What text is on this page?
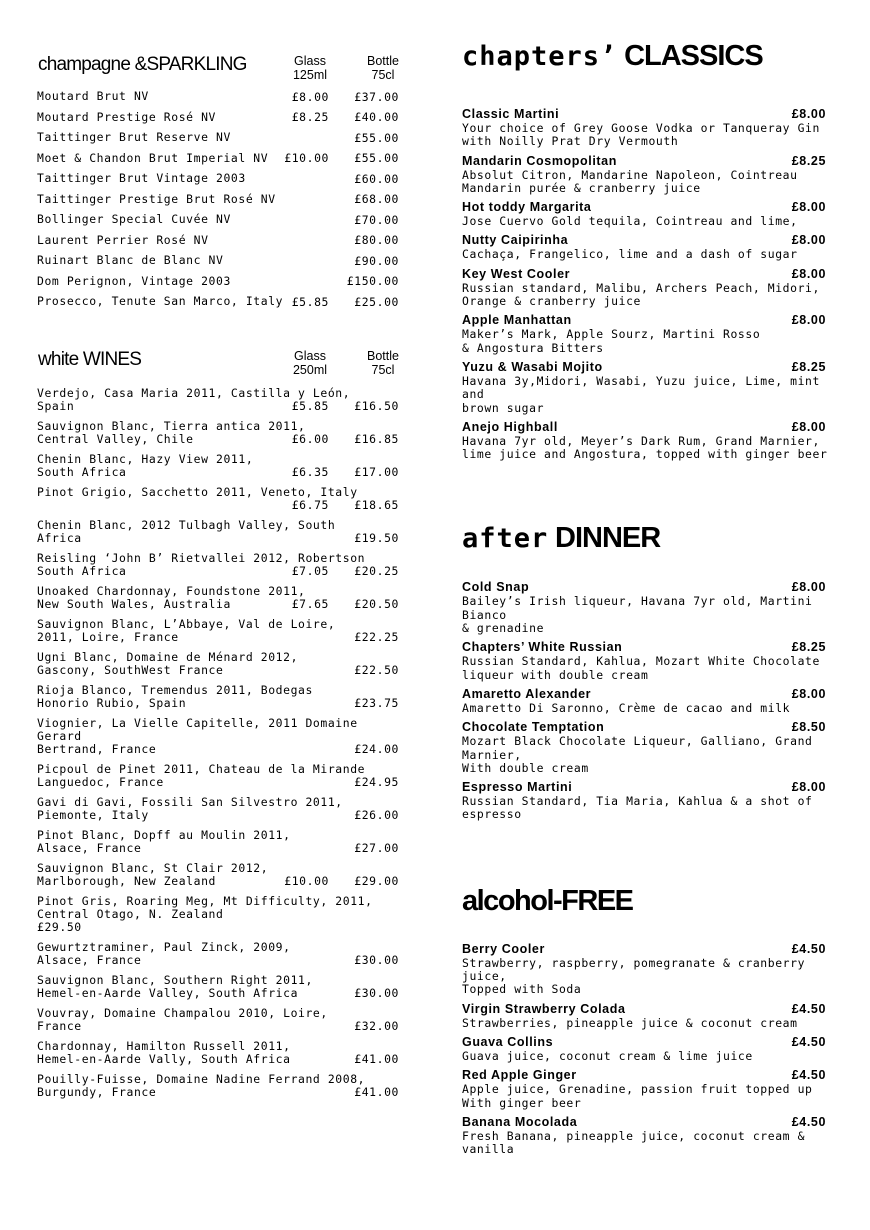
champagne &SPARKLING	Glass
125ml
Bottle
75cl
Moutard Brut NV	£8.00 £37.00
Moutard Prestige Rosé NV	£8.25 £40.00
Taittinger Brut Reserve NV	£55.00
Moet & Chandon Brut Imperial NV	£10.00 £55.00
Taittinger Brut Vintage 2003	£60.00
Taittinger Prestige Brut Rosé NV	£68.00
Bollinger Special Cuvée NV	£70.00
Laurent Perrier Rosé NV	£80.00
Ruinart Blanc de Blanc NV	£90.00
Dom Perignon, Vintage 2003	£150.00
Prosecco, Tenute San Marco, Italy £5.85 £25.00
white WINES	Glass
250ml
Bottle
75cl
Verdejo, Casa Maria 2011, Castilla y León,
Spain	£5.85 £16.50
Sauvignon Blanc, Tierra antica 2011,
Central Valley, Chile	£6.00 £16.85
Chenin Blanc, Hazy View 2011,
South Africa	£6.35 £17.00
Pinot Grigio, Sacchetto 2011, Veneto, Italy

£6.75 £18.65
Chenin Blanc, 2012 Tulbagh Valley, South
Africa	£19.50
Reisling ‘John B’ Rietvallei 2012, Robertson
South Africa	£7.05 £20.25
Unoaked Chardonnay, Foundstone 2011,
New South Wales, Australia	£7.65 £20.50
Sauvignon Blanc, L’Abbaye, Val de Loire,
2011, Loire, France	£22.25
Ugni Blanc, Domaine de Ménard 2012,
Gascony, SouthWest France	£22.50
Rioja Blanco, Tremendus 2011, Bodegas
Honorio Rubio, Spain	£23.75
Viognier, La Vielle Capitelle, 2011 Domaine
Gerard
Bertrand, France	£24.00
Picpoul de Pinet 2011, Chateau de la Mirande
Languedoc, France	£24.95
Gavi di Gavi, Fossili San Silvestro 2011,
Piemonte, Italy	£26.00
Pinot Blanc, Dopff au Moulin 2011,
Alsace, France	£27.00
Sauvignon Blanc, St Clair 2012,
Marlborough, New Zealand	£10.00 £29.00
Pinot Gris, Roaring Meg, Mt Difficulty, 2011,
Central Otago, N. Zealand
£29.50
Gewurtztraminer, Paul Zinck, 2009,
Alsace, France	£30.00
Sauvignon Blanc, Southern Right 2011,
Hemel-en-Aarde Valley, South Africa	£30.00
Vouvray, Domaine Champalou 2010, Loire,
France	£32.00
Chardonnay, Hamilton Russell 2011,
Hemel-en-Aarde Vally, South Africa	£41.00
Pouilly-Fuisse, Domaine Nadine Ferrand 2008,
Burgundy, France	£41.00
chapters’ CLASSICS
Classic Martini	£8.00
Your choice of Grey Goose Vodka or Tanqueray Gin
with Noilly Prat Dry Vermouth
Mandarin Cosmopolitan	£8.25
Absolut Citron, Mandarine Napoleon, Cointreau
Mandarin purée & cranberry juice
Hot toddy Margarita	£8.00
Jose Cuervo Gold tequila, Cointreau and lime,
Nutty Caipirinha	£8.00
Cachaça, Frangelico, lime and a dash of sugar
Key West Cooler	£8.00
Russian standard, Malibu, Archers Peach, Midori,
Orange & cranberry juice
Apple Manhattan	£8.00
Maker’s Mark, Apple Sourz, Martini Rosso
& Angostura Bitters
Yuzu & Wasabi Mojito	£8.25
Havana 3y,Midori, Wasabi, Yuzu juice, Lime, mint and
brown sugar
Anejo Highball	£8.00
Havana 7yr old, Meyer’s Dark Rum, Grand Marnier,
lime juice and Angostura, topped with ginger beer
after DINNER
Cold Snap	£8.00
Bailey’s Irish liqueur, Havana 7yr old, Martini
Bianco
& grenadine
Chapters’ White Russian	£8.25
Russian Standard, Kahlua, Mozart White Chocolate
liqueur with double cream
Amaretto Alexander	£8.00
Amaretto Di Saronno, Crème de cacao and milk
Chocolate Temptation	£8.50
Mozart Black Chocolate Liqueur, Galliano, Grand
Marnier,
With double cream
Espresso Martini	£8.00
Russian Standard, Tia Maria, Kahlua & a shot of
espresso
alcohol-FREE
Berry Cooler	£4.50
Strawberry, raspberry, pomegranate & cranberry
juice,
Topped with Soda
Virgin Strawberry Colada	£4.50
Strawberries, pineapple juice & coconut cream
Guava Collins	£4.50
Guava juice, coconut cream & lime juice
Red Apple Ginger	£4.50
Apple juice, Grenadine, passion fruit topped up
With ginger beer
Banana Mocolada	£4.50
Fresh Banana, pineapple juice, coconut cream &
vanilla
